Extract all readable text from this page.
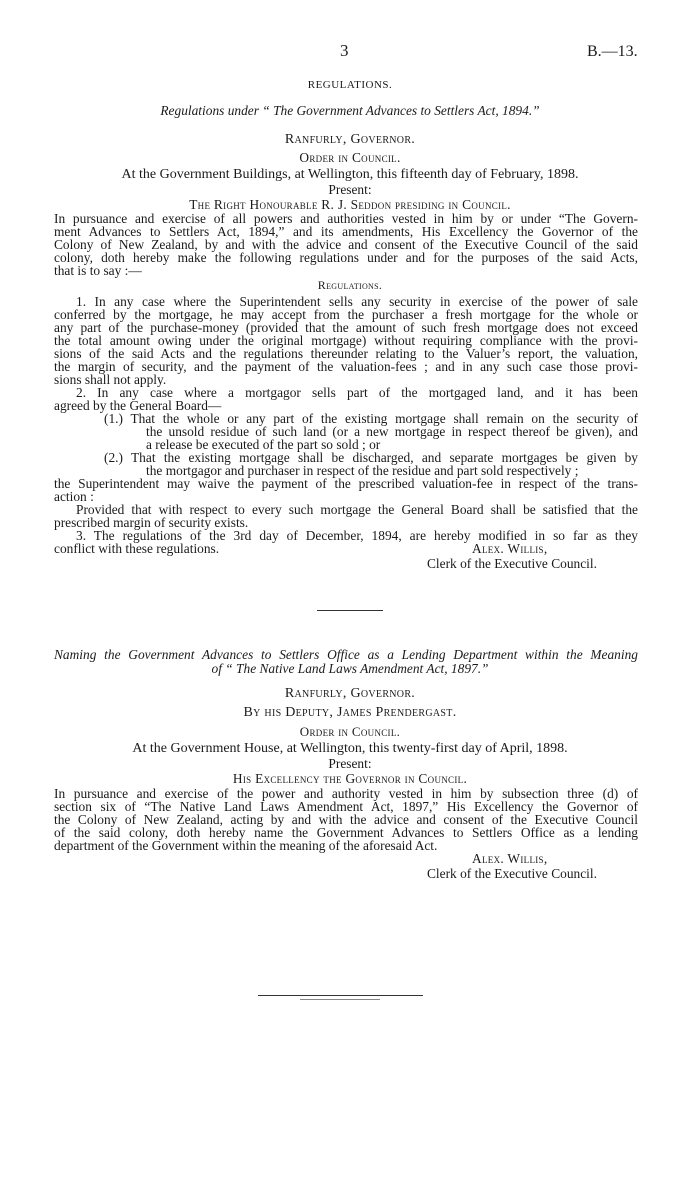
3	B.—13.
REGULATIONS.
Regulations under “ The Government Advances to Settlers Act, 1894.”
Ranfurly, Governor.
Order in Council.
At the Government Buildings, at Wellington, this fifteenth day of February, 1898.
Present:
The Right Honourable R. J. Seddon presiding in Council.
In pursuance and exercise of all powers and authorities vested in him by or under “The Govern-
ment Advances to Settlers Act, 1894,” and its amendments, His Excellency the Governor of the
Colony of New Zealand, by and with the advice and consent of the Executive Council of the said
colony, doth hereby make the following regulations under and for the purposes of the said Acts,
that is to say :—
Regulations.
1. In any case where the Superintendent sells any security in exercise of the power of sale
conferred by the mortgage, he may accept from the purchaser a fresh mortgage for the whole or
any part of the purchase-money (provided that the amount of such fresh mortgage does not exceed
the total amount owing under the original mortgage) without requiring compliance with the provi-
sions of the said Acts and the regulations thereunder relating to the Valuer’s report, the valuation,
the margin of security, and the payment of the valuation-fees ; and in any such case those provi-
sions shall not apply.
2. In any case where a mortgagor sells part of the mortgaged land, and it has been
agreed by the General Board—
(1.) That the whole or any part of the existing mortgage shall remain on the security of
the unsold residue of such land (or a new mortgage in respect thereof be given), and
a release be executed of the part so sold ; or
(2.) That the existing mortgage shall be discharged, and separate mortgages be given by
the mortgagor and purchaser in respect of the residue and part sold respectively ;
the Superintendent may waive the payment of the prescribed valuation-fee in respect of the trans-
action :
Provided that with respect to every such mortgage the General Board shall be satisfied that the
prescribed margin of security exists.
3. The regulations of the 3rd day of December, 1894, are hereby modified in so far as they
conflict with these regulations.	Alex. Willis,
Clerk of the Executive Council.
Naming the Government Advances to Settlers Office as a Lending Department within the Meaning
of “ The Native Land Laws Amendment Act, 1897.”
Ranfurly, Governor.
By his Deputy, James Prendergast.
Order in Council.
At the Government House, at Wellington, this twenty-first day of April, 1898.
Present:
His Excellency the Governor in Council.
In pursuance and exercise of the power and authority vested in him by subsection three (d) of
section six of “The Native Land Laws Amendment Act, 1897,” His Excellency the Governor of
the Colony of New Zealand, acting by and with the advice and consent of the Executive Council
of the said colony, doth hereby name the Government Advances to Settlers Office as a lending
department of the Government within the meaning of the aforesaid Act.
Alex. Willis,
Clerk of the Executive Council.
